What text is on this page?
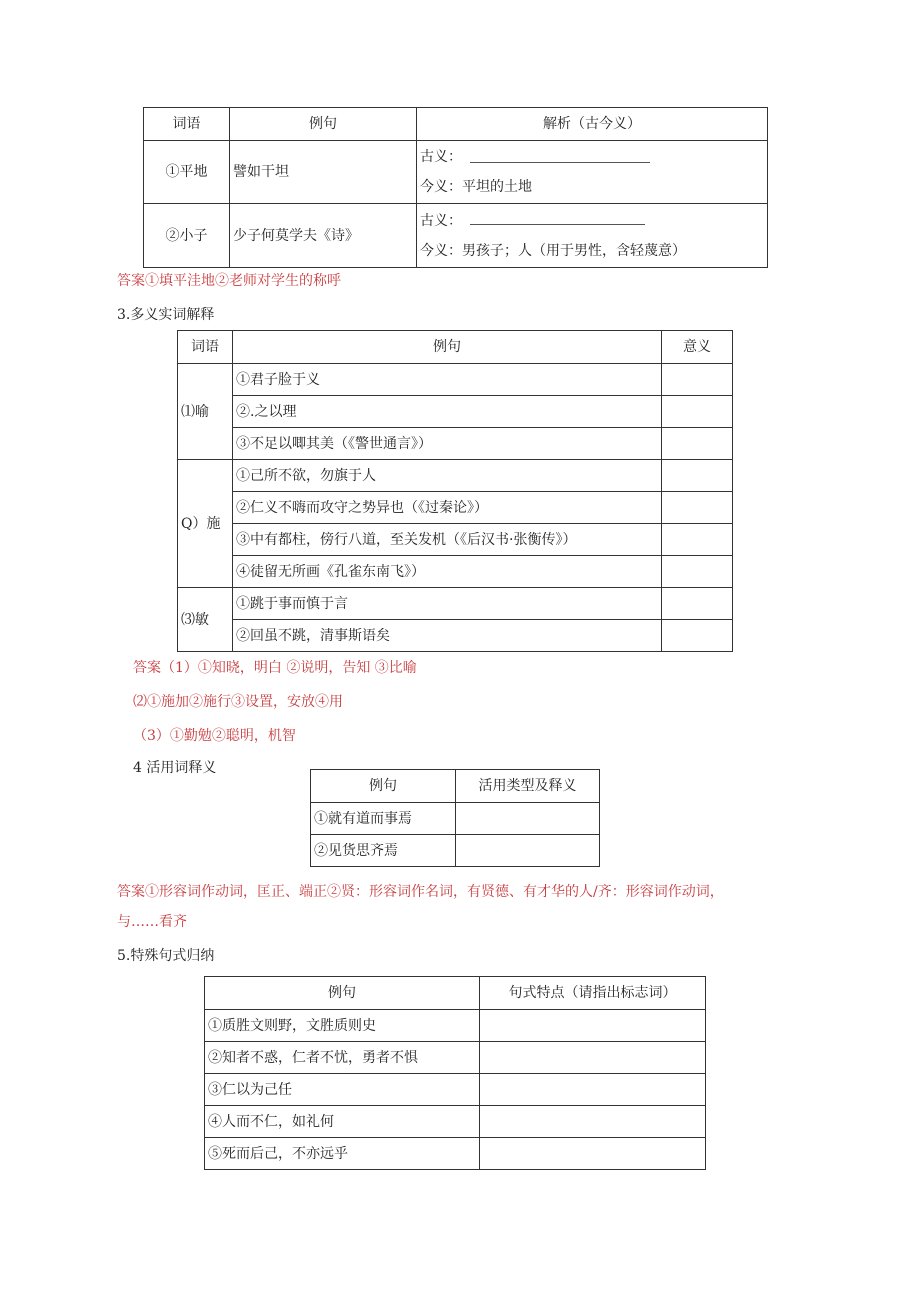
词语	例句	解析（古今义）
①平地	譬如干坦	古义：
今义：平坦的土地

②小子	少子何莫学夫《诗》	古义：
今义：男孩子；人（用于男性，含轻蔑意）
答案①填平洼地②老师对学生的称呼
3.多义实词解释
词语	例句	意义
⑴喻	①君子脸于义	
	②.之以理	
	③不足以唧其美（《警世通言》）	
Q）施	①己所不欲，勿旗于人	
	②仁义不嗨而攻守之势异也（《过秦论》）	
	③中有都柱，傍行八道，至关发机（《后汉书·张衡传》）	
	④徒留无所画《孔雀东南飞》）	
⑶敏	①跳于事而慎于言	
	②回虽不跳，清事斯语矣	
答案（1）①知晓，明白 ②说明，告知 ③比喻
⑵①施加②施行③设置，安放④用
（3）①勤勉②聪明，机智
4 活用词释义
例句	活用类型及释义
①就有道而事焉	
②见货思齐焉	
答案①形容词作动词，匡正、端正②贤：形容词作名词，有贤德、有才华的人/齐：形容词作动词，
与……看齐
5.特殊句式归纳
例句	句式特点（请指出标志词）
①质胜文则野，文胜质则史	
②知者不惑，仁者不忧，勇者不惧	
③仁以为己任	
④人而不仁，如礼何	
⑤死而后己，不亦远乎	
